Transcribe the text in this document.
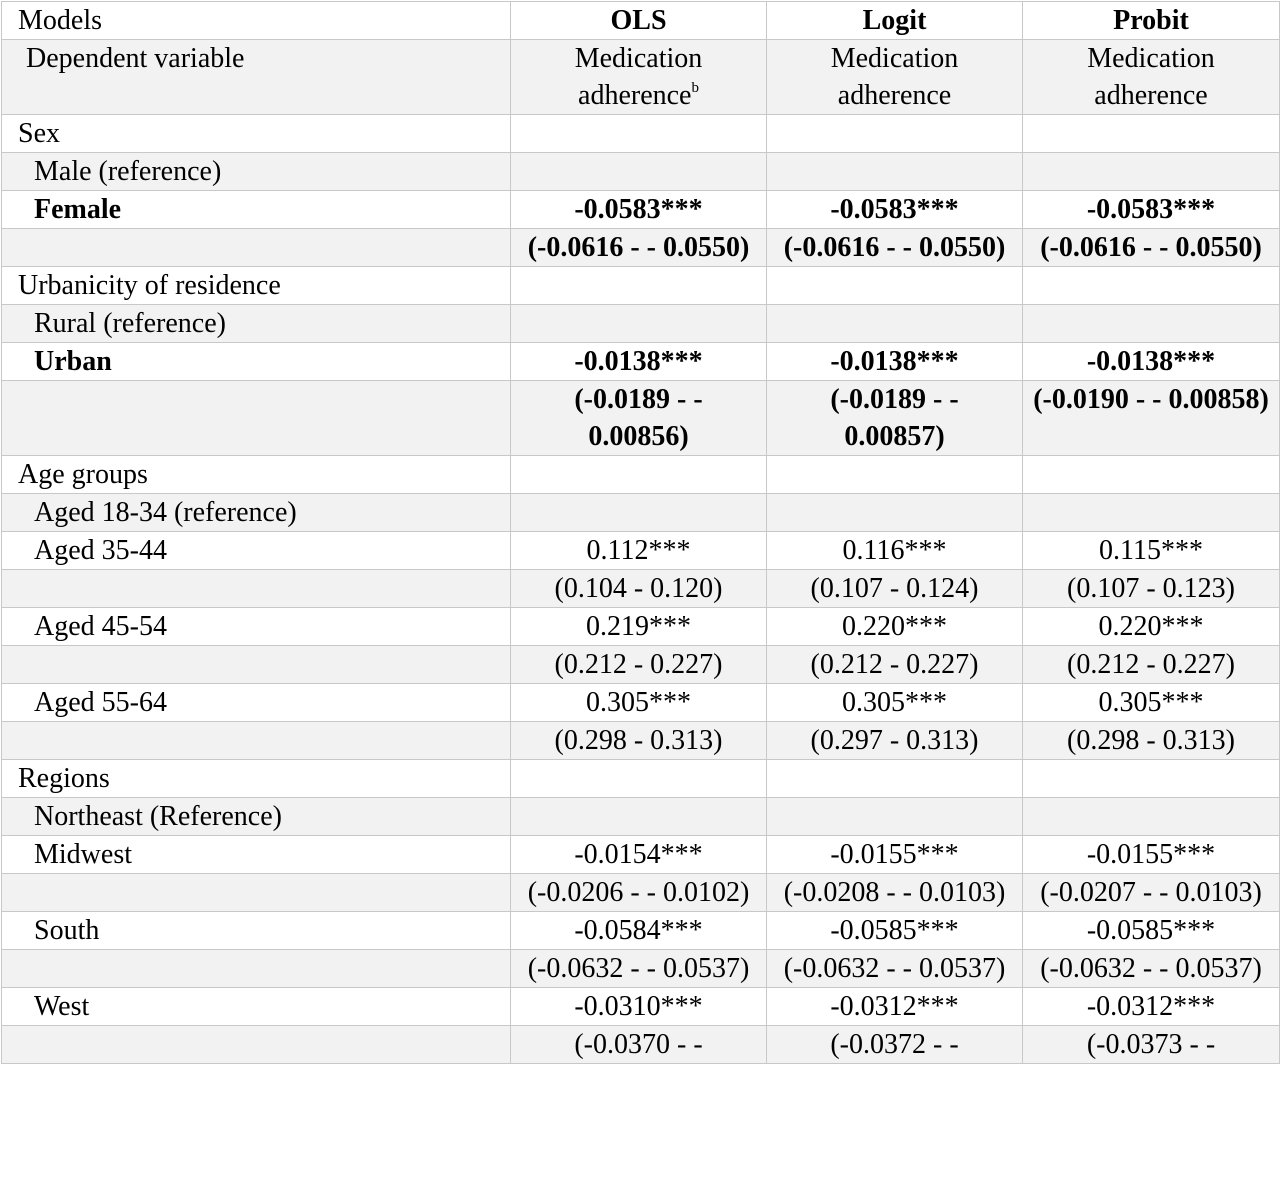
Models	OLS	Logit	Probit
Dependent variable	Medication adherence$^b$	Medication adherence	Medication adherence
Sex			
Male (reference)			
Female	-0.0583***	-0.0583***	-0.0583***
	(-0.0616 - - 0.0550)	(-0.0616 - - 0.0550)	(-0.0616 - - 0.0550)
Urbanicity of residence			
Rural (reference)			
Urban	-0.0138***	-0.0138***	-0.0138***
	(-0.0189 - - 0.00856)	(-0.0189 - - 0.00857)	(-0.0190 - - 0.00858)
Age groups			
Aged 18-34 (reference)			
Aged 35-44	0.112***	0.116***	0.115***
	(0.104 - 0.120)	(0.107 - 0.124)	(0.107 - 0.123)
Aged 45-54	0.219***	0.220***	0.220***
	(0.212 - 0.227)	(0.212 - 0.227)	(0.212 - 0.227)
Aged 55-64	0.305***	0.305***	0.305***
	(0.298 - 0.313)	(0.297 - 0.313)	(0.298 - 0.313)
Regions			
Northeast (Reference)			
Midwest	-0.0154***	-0.0155***	-0.0155***
	(-0.0206 - - 0.0102)	(-0.0208 - - 0.0103)	(-0.0207 - - 0.0103)
South	-0.0584***	-0.0585***	-0.0585***
	(-0.0632 - - 0.0537)	(-0.0632 - - 0.0537)	(-0.0632 - - 0.0537)
West	-0.0310***	-0.0312***	-0.0312***
	(-0.0370 - -	(-0.0372 - -	(-0.0373 - -
